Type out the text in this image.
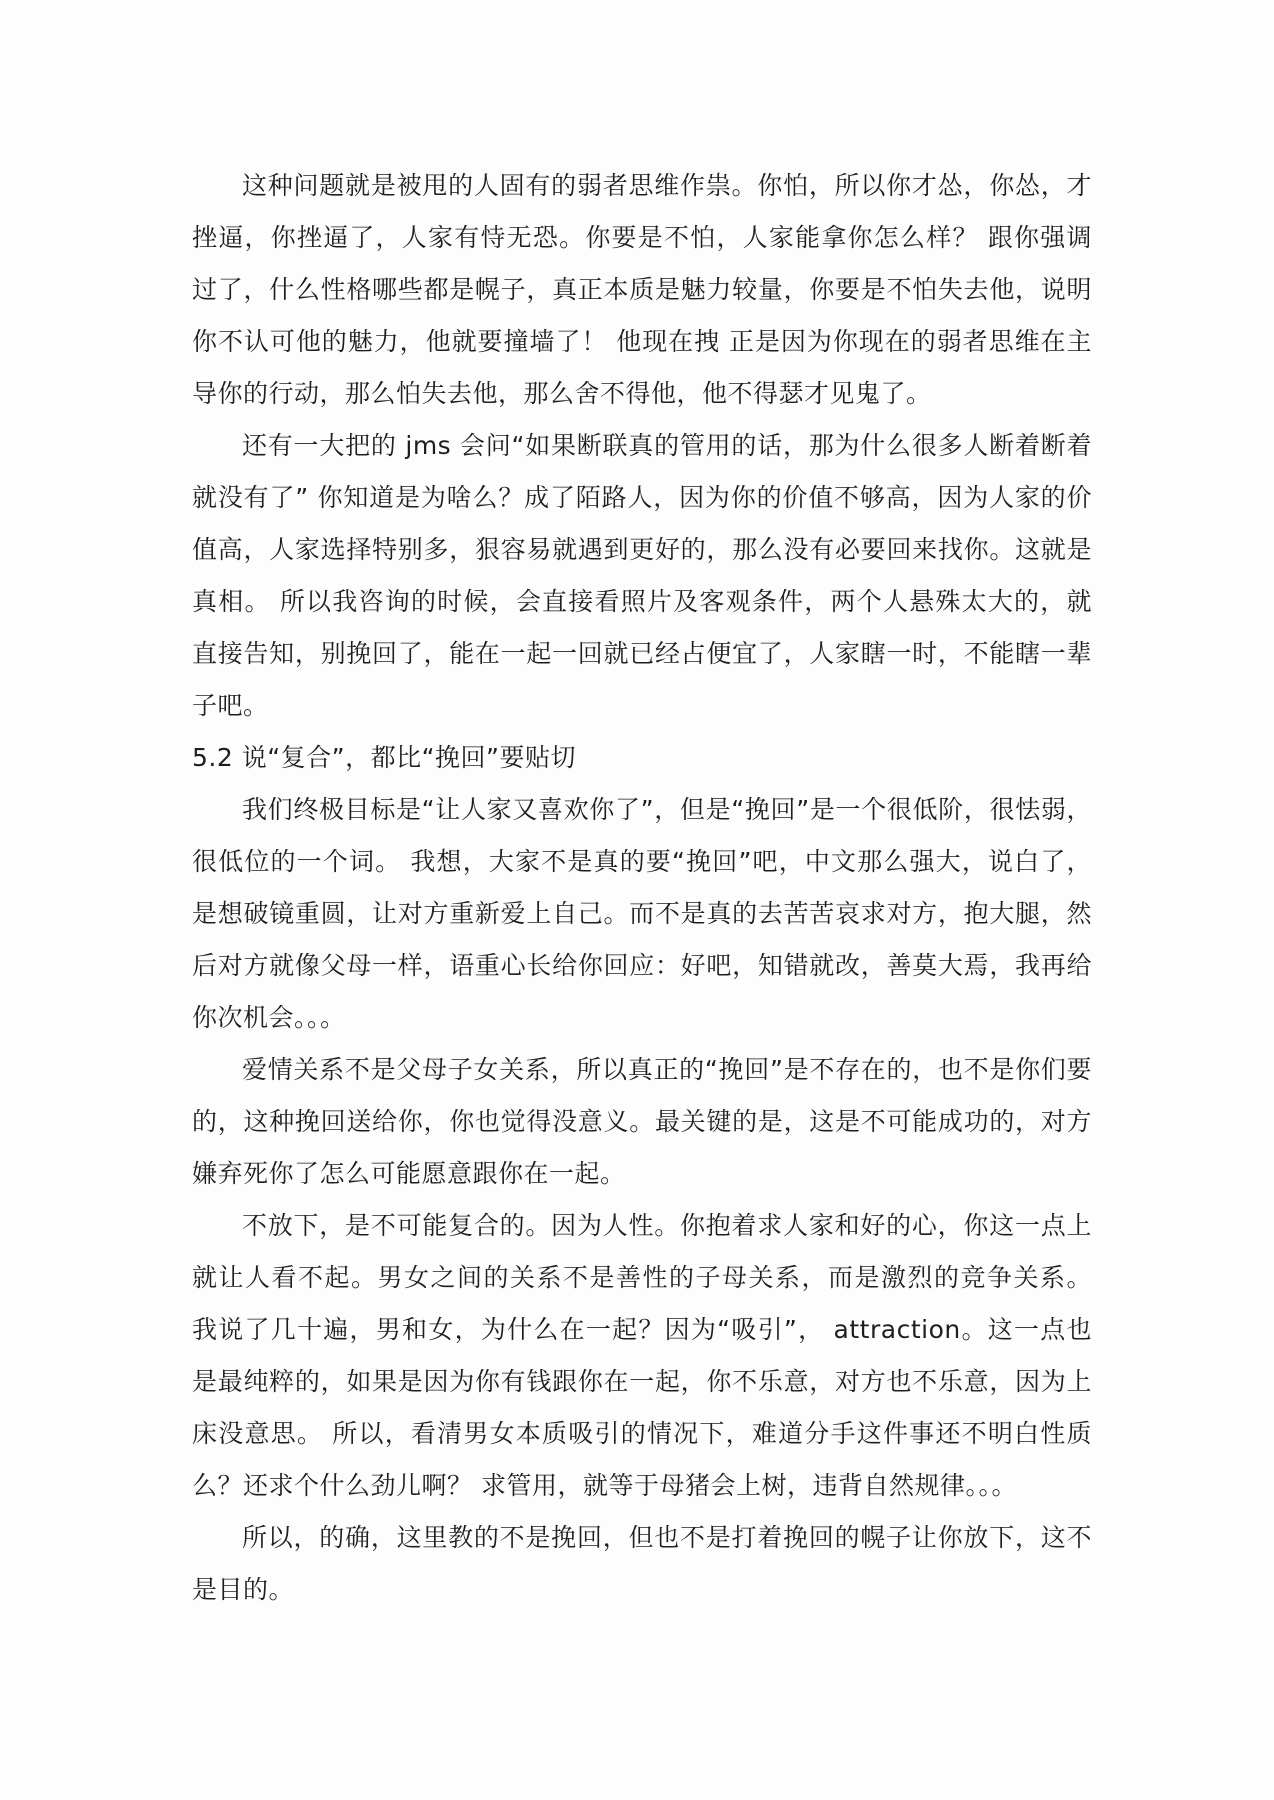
这种问题就是被甩的人固有的弱者思维作祟。你怕，所以你才怂，你怂，才挫逼，你挫逼了，人家有恃无恐。你要是不怕，人家能拿你怎么样？ 跟你强调过了，什么性格哪些都是幌子，真正本质是魅力较量，你要是不怕失去他，说明你不认可他的魅力，他就要撞墙了！ 他现在拽 正是因为你现在的弱者思维在主导你的行动，那么怕失去他，那么舍不得他，他不得瑟才见鬼了。

还有一大把的 jms 会问“如果断联真的管用的话，那为什么很多人断着断着就没有了” 你知道是为啥么？成了陌路人，因为你的价值不够高，因为人家的价值高，人家选择特别多，狠容易就遇到更好的，那么没有必要回来找你。这就是真相。 所以我咨询的时候，会直接看照片及客观条件，两个人悬殊太大的，就直接告知，别挽回了，能在一起一回就已经占便宜了，人家瞎一时，不能瞎一辈子吧。

5.2 说“复合”，都比“挽回”要贴切

我们终极目标是“让人家又喜欢你了”，但是“挽回”是一个很低阶，很怯弱，很低位的一个词。 我想，大家不是真的要“挽回”吧，中文那么强大，说白了，是想破镜重圆，让对方重新爱上自己。而不是真的去苦苦哀求对方，抱大腿，然后对方就像父母一样，语重心长给你回应：好吧，知错就改，善莫大焉，我再给你次机会。。。

爱情关系不是父母子女关系，所以真正的“挽回”是不存在的，也不是你们要的，这种挽回送给你，你也觉得没意义。最关键的是，这是不可能成功的，对方嫌弃死你了怎么可能愿意跟你在一起。

不放下，是不可能复合的。因为人性。你抱着求人家和好的心，你这一点上就让人看不起。男女之间的关系不是善性的子母关系，而是激烈的竞争关系。 我说了几十遍，男和女，为什么在一起？因为“吸引”， attraction。这一点也是最纯粹的，如果是因为你有钱跟你在一起，你不乐意，对方也不乐意，因为上床没意思。 所以，看清男女本质吸引的情况下，难道分手这件事还不明白性质么？还求个什么劲儿啊？ 求管用，就等于母猪会上树，违背自然规律。。。

所以，的确，这里教的不是挽回，但也不是打着挽回的幌子让你放下，这不是目的。
